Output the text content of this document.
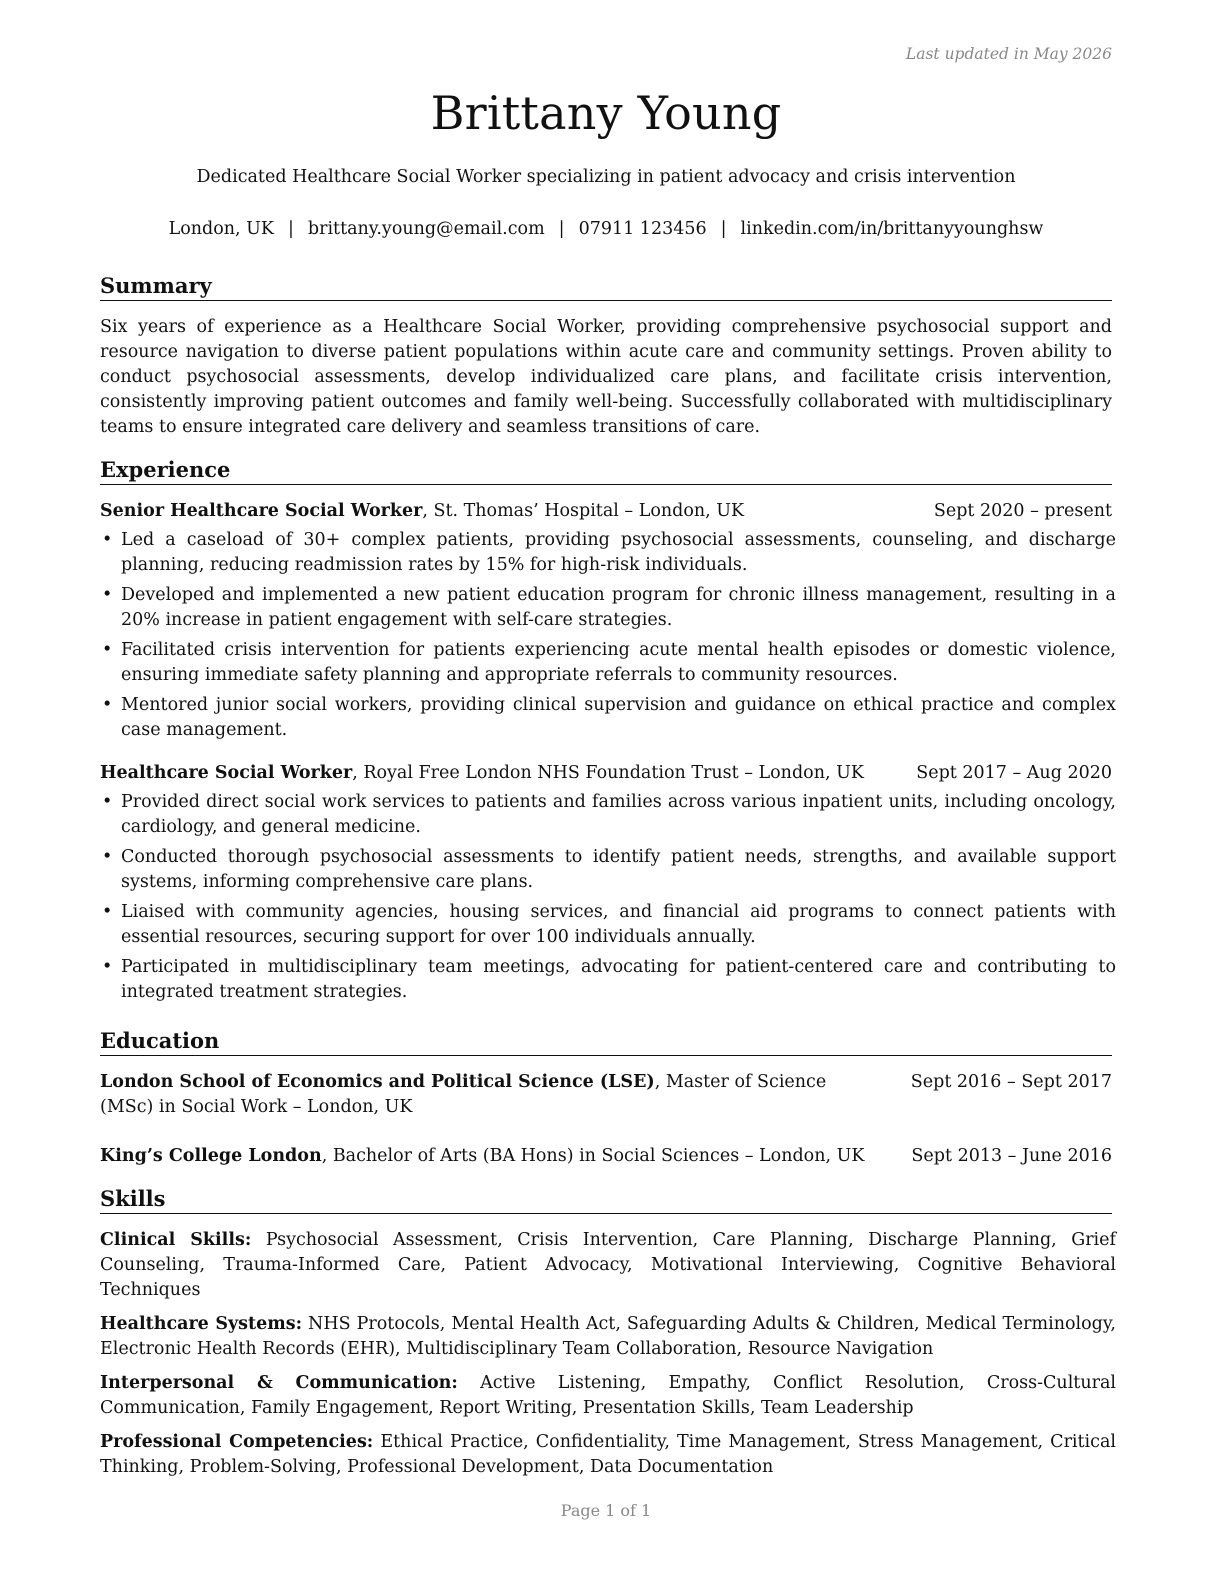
Last updated in May 2026
Brittany Young
Dedicated Healthcare Social Worker specializing in patient advocacy and crisis intervention
London, UK | brittany.young@email.com | 07911 123456 | linkedin.com/in/brittanyyounghsw
Summary

Six years of experience as a Healthcare Social Worker, providing comprehensive psychosocial support and resource navigation to diverse patient populations within acute care and community settings. Proven ability to conduct psychosocial assessments, develop individualized care plans, and facilitate crisis intervention, consistently improving patient outcomes and family well-being. Successfully collaborated with multidisciplinary teams to ensure integrated care delivery and seamless transitions of care.

Experience
Senior Healthcare Social Worker, St. Thomas’ Hospital – London, UK	Sept 2020 – present
• Led a caseload of 30+ complex patients, providing psychosocial assessments, counseling, and discharge planning, reducing readmission rates by 15% for high-risk individuals.
• Developed and implemented a new patient education program for chronic illness management, resulting in a 20% increase in patient engagement with self-care strategies.
• Facilitated crisis intervention for patients experiencing acute mental health episodes or domestic violence, ensuring immediate safety planning and appropriate referrals to community resources.
• Mentored junior social workers, providing clinical supervision and guidance on ethical practice and complex case management.
Healthcare Social Worker, Royal Free London NHS Foundation Trust – London, UK	Sept 2017 – Aug 2020
• Provided direct social work services to patients and families across various inpatient units, including oncology, cardiology, and general medicine.
• Conducted thorough psychosocial assessments to identify patient needs, strengths, and available support systems, informing comprehensive care plans.
• Liaised with community agencies, housing services, and financial aid programs to connect patients with essential resources, securing support for over 100 individuals annually.
• Participated in multidisciplinary team meetings, advocating for patient-centered care and contributing to integrated treatment strategies.
Education
London School of Economics and Political Science (LSE), Master of Science (MSc) in Social Work – London, UK
Sept 2016 – Sept 2017
King’s College London, Bachelor of Arts (BA Hons) in Social Sciences – London, UK	Sept 2013 – June 2016
Skills

Clinical Skills: Psychosocial Assessment, Crisis Intervention, Care Planning, Discharge Planning, Grief Counseling, Trauma-Informed Care, Patient Advocacy, Motivational Interviewing, Cognitive Behavioral Techniques

Healthcare Systems: NHS Protocols, Mental Health Act, Safeguarding Adults & Children, Medical Terminology, Electronic Health Records (EHR), Multidisciplinary Team Collaboration, Resource Navigation

Interpersonal & Communication: Active Listening, Empathy, Conflict Resolution, Cross-Cultural Communication, Family Engagement, Report Writing, Presentation Skills, Team Leadership

Professional Competencies: Ethical Practice, Confidentiality, Time Management, Stress Management, Critical Thinking, Problem-Solving, Professional Development, Data Documentation

Page 1 of 1
